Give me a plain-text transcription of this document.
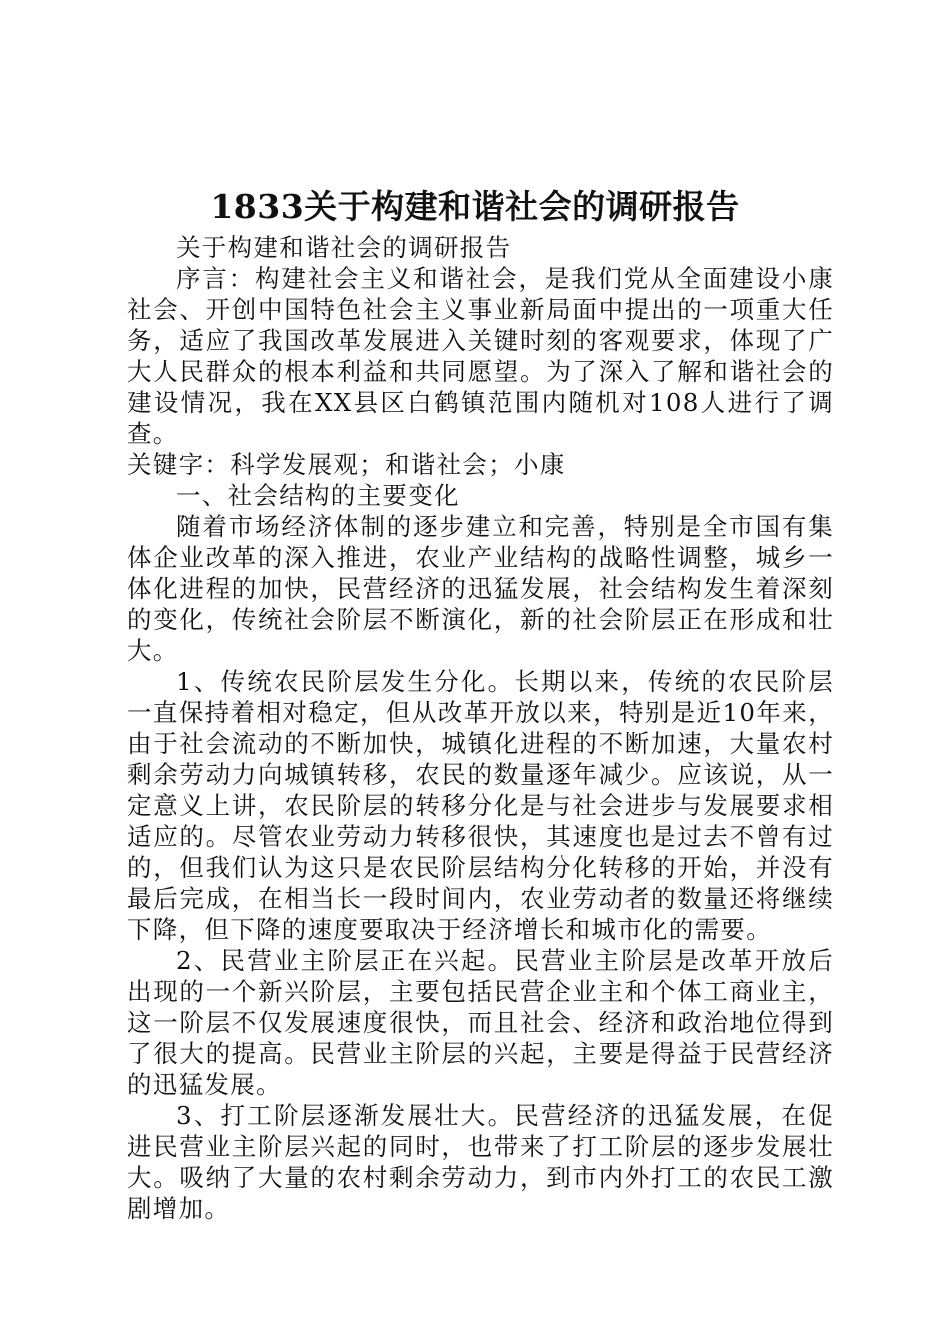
1833关于构建和谐社会的调研报告

关于构建和谐社会的调研报告

序言：构建社会主义和谐社会，是我们党从全面建设小康社会、开创中国特色社会主义事业新局面中提出的一项重大任务，适应了我国改革发展进入关键时刻的客观要求，体现了广大人民群众的根本利益和共同愿望。为了深入了解和谐社会的建设情况，我在XX县区白鹤镇范围内随机对108人进行了调查。

关键字：科学发展观；和谐社会；小康

一、社会结构的主要变化

随着市场经济体制的逐步建立和完善，特别是全市国有集体企业改革的深入推进，农业产业结构的战略性调整，城乡一体化进程的加快，民营经济的迅猛发展，社会结构发生着深刻的变化，传统社会阶层不断演化，新的社会阶层正在形成和壮大。

1、传统农民阶层发生分化。长期以来，传统的农民阶层一直保持着相对稳定，但从改革开放以来，特别是近10年来，由于社会流动的不断加快，城镇化进程的不断加速，大量农村剩余劳动力向城镇转移，农民的数量逐年减少。应该说，从一定意义上讲，农民阶层的转移分化是与社会进步与发展要求相适应的。尽管农业劳动力转移很快，其速度也是过去不曾有过的，但我们认为这只是农民阶层结构分化转移的开始，并没有最后完成，在相当长一段时间内，农业劳动者的数量还将继续下降，但下降的速度要取决于经济增长和城市化的需要。

2、民营业主阶层正在兴起。民营业主阶层是改革开放后出现的一个新兴阶层，主要包括民营企业主和个体工商业主，这一阶层不仅发展速度很快，而且社会、经济和政治地位得到了很大的提高。民营业主阶层的兴起，主要是得益于民营经济的迅猛发展。

3、打工阶层逐渐发展壮大。民营经济的迅猛发展，在促进民营业主阶层兴起的同时，也带来了打工阶层的逐步发展壮大。吸纳了大量的农村剩余劳动力，到市内外打工的农民工激剧增加。
